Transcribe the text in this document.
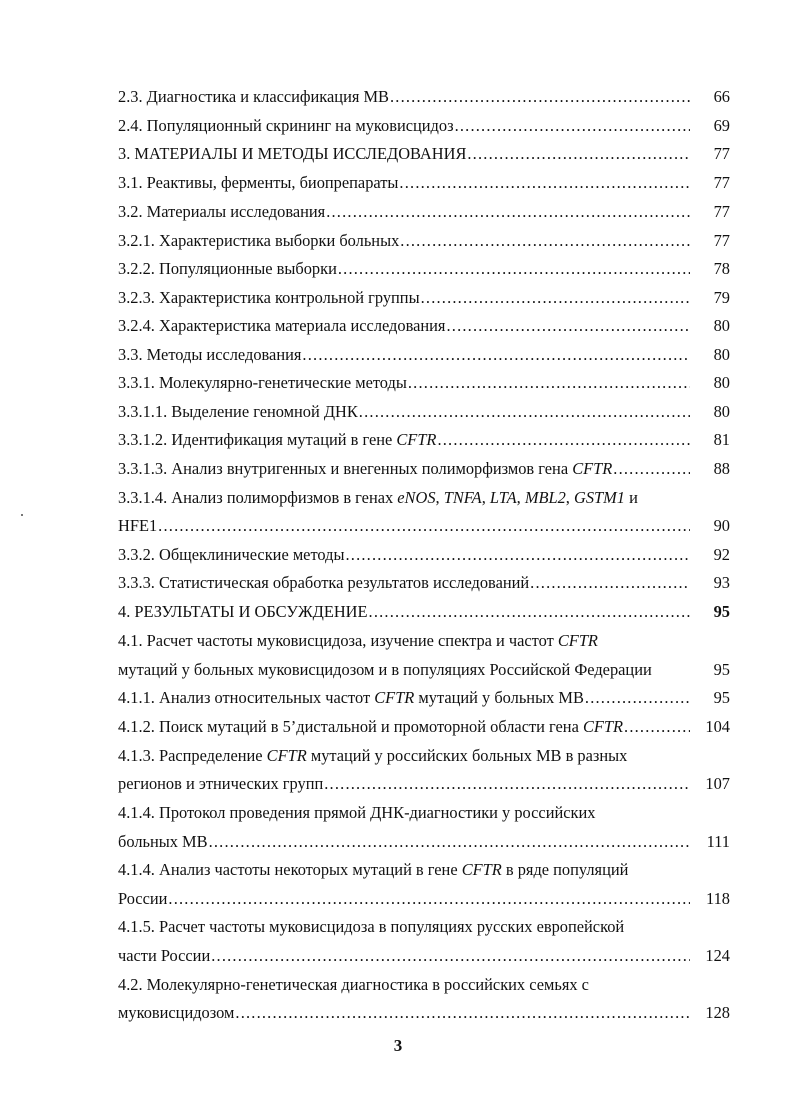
2.3. Диагностика и классификация МВ .....	66
2.4. Популяционный скрининг на муковисцидоз .....	69
3. МАТЕРИАЛЫ И МЕТОДЫ ИССЛЕДОВАНИЯ .....	77
3.1. Реактивы, ферменты, биопрепараты .....	77
3.2. Материалы исследования .....	77
3.2.1. Характеристика выборки больных .....	77
3.2.2. Популяционные выборки .....	78
3.2.3. Характеристика контрольной группы .....	79
3.2.4. Характеристика материала исследования .....	80
3.3. Методы исследования .....	80
3.3.1. Молекулярно-генетические методы .....	80
3.3.1.1. Выделение геномной ДНК .....	80
3.3.1.2. Идентификация мутаций в гене CFTR .....	81
3.3.1.3. Анализ внутригенных и внегенных полиморфизмов гена CFTR .....	88
3.3.1.4. Анализ полиморфизмов в генах eNOS, TNFA, LTA, MBL2, GSTM1 и
HFE1 .....	90
3.3.2. Общеклинические методы .....	92
3.3.3. Статистическая обработка результатов исследований .....	93
4. РЕЗУЛЬТАТЫ И ОБСУЖДЕНИЕ .....	95
4.1. Расчет частоты муковисцидоза, изучение спектра и частот CFTR
мутаций у больных муковисцидозом и в популяциях Российской Федерации	95
4.1.1. Анализ относительных частот CFTR мутаций у больных МВ .....	95
4.1.2. Поиск мутаций в 5’дистальной и промоторной области гена CFTR .....	104
4.1.3. Распределение CFTR мутаций у российских больных МВ в разных
регионов и этнических групп .....	107
4.1.4. Протокол проведения прямой ДНК-диагностики у российских
больных МВ .....	111
4.1.4. Анализ частоты некоторых мутаций в гене CFTR в ряде популяций
России .....	118
4.1.5. Расчет частоты муковисцидоза в популяциях русских европейской
части России .....	124
4.2. Молекулярно-генетическая диагностика в российских семьях с
муковисцидозом .....	128
3
